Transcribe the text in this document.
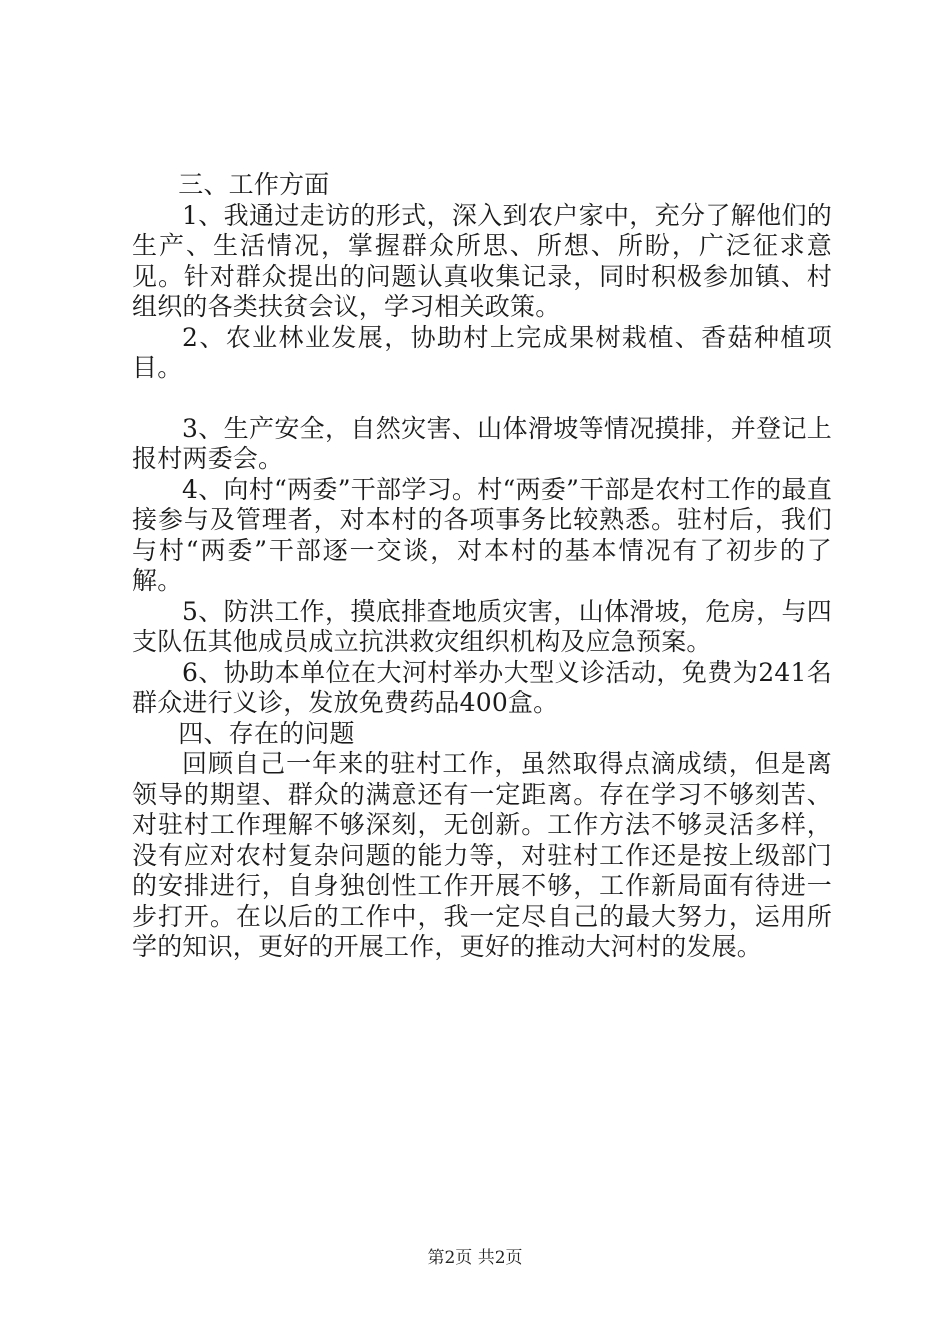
三、工作方面

1、我通过走访的形式，深入到农户家中，充分了解他们的生产、生活情况，掌握群众所思、所想、所盼，广泛征求意见。针对群众提出的问题认真收集记录，同时积极参加镇、村组织的各类扶贫会议，学习相关政策。

2、农业林业发展，协助村上完成果树栽植、香菇种植项目。

3、生产安全，自然灾害、山体滑坡等情况摸排，并登记上报村两委会。

4、向村“两委”干部学习。村“两委”干部是农村工作的最直接参与及管理者，对本村的各项事务比较熟悉。驻村后，我们与村“两委”干部逐一交谈，对本村的基本情况有了初步的了解。

5、防洪工作，摸底排查地质灾害，山体滑坡，危房，与四支队伍其他成员成立抗洪救灾组织机构及应急预案。

6、协助本单位在大河村举办大型义诊活动，免费为241名群众进行义诊，发放免费药品400盒。

四、存在的问题

回顾自己一年来的驻村工作，虽然取得点滴成绩，但是离领导的期望、群众的满意还有一定距离。存在学习不够刻苦、对驻村工作理解不够深刻，无创新。工作方法不够灵活多样，没有应对农村复杂问题的能力等，对驻村工作还是按上级部门的安排进行，自身独创性工作开展不够，工作新局面有待进一步打开。在以后的工作中，我一定尽自己的最大努力，运用所学的知识，更好的开展工作，更好的推动大河村的发展。

第2页 共2页
